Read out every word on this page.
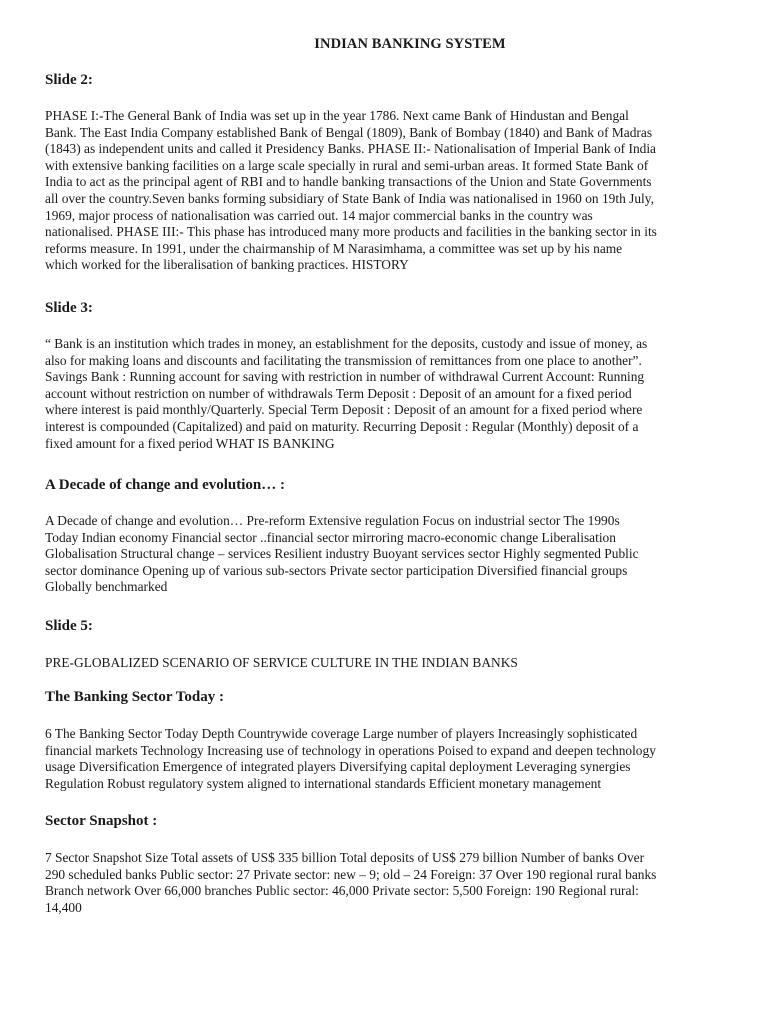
INDIAN BANKING SYSTEM
Slide 2:
PHASE I:-The General Bank of India was set up in the year 1786. Next came Bank of Hindustan and Bengal
Bank. The East India Company established Bank of Bengal (1809), Bank of Bombay (1840) and Bank of Madras
(1843) as independent units and called it Presidency Banks. PHASE II:- Nationalisation of Imperial Bank of India
with extensive banking facilities on a large scale specially in rural and semi-urban areas. It formed State Bank of
India to act as the principal agent of RBI and to handle banking transactions of the Union and State Governments
all over the country.Seven banks forming subsidiary of State Bank of India was nationalised in 1960 on 19th July,
1969, major process of nationalisation was carried out. 14 major commercial banks in the country was
nationalised. PHASE III:- This phase has introduced many more products and facilities in the banking sector in its
reforms measure. In 1991, under the chairmanship of M Narasimhama, a committee was set up by his name
which worked for the liberalisation of banking practices. HISTORY
Slide 3:
“ Bank is an institution which trades in money, an establishment for the deposits, custody and issue of money, as
also for making loans and discounts and facilitating the transmission of remittances from one place to another”.
Savings Bank : Running account for saving with restriction in number of withdrawal Current Account: Running
account without restriction on number of withdrawals Term Deposit : Deposit of an amount for a fixed period
where interest is paid monthly/Quarterly. Special Term Deposit : Deposit of an amount for a fixed period where
interest is compounded (Capitalized) and paid on maturity. Recurring Deposit : Regular (Monthly) deposit of a
fixed amount for a fixed period WHAT IS BANKING
A Decade of change and evolution… :
A Decade of change and evolution… Pre-reform Extensive regulation Focus on industrial sector The 1990s
Today Indian economy Financial sector ..financial sector mirroring macro-economic change Liberalisation
Globalisation Structural change – services Resilient industry Buoyant services sector Highly segmented Public
sector dominance Opening up of various sub-sectors Private sector participation Diversified financial groups
Globally benchmarked
Slide 5:
PRE-GLOBALIZED SCENARIO OF SERVICE CULTURE IN THE INDIAN BANKS
The Banking Sector Today :
6 The Banking Sector Today Depth Countrywide coverage Large number of players Increasingly sophisticated
financial markets Technology Increasing use of technology in operations Poised to expand and deepen technology
usage Diversification Emergence of integrated players Diversifying capital deployment Leveraging synergies
Regulation Robust regulatory system aligned to international standards Efficient monetary management
Sector Snapshot :
7 Sector Snapshot Size Total assets of US$ 335 billion Total deposits of US$ 279 billion Number of banks Over
290 scheduled banks Public sector: 27 Private sector: new – 9; old – 24 Foreign: 37 Over 190 regional rural banks
Branch network Over 66,000 branches Public sector: 46,000 Private sector: 5,500 Foreign: 190 Regional rural:
14,400
